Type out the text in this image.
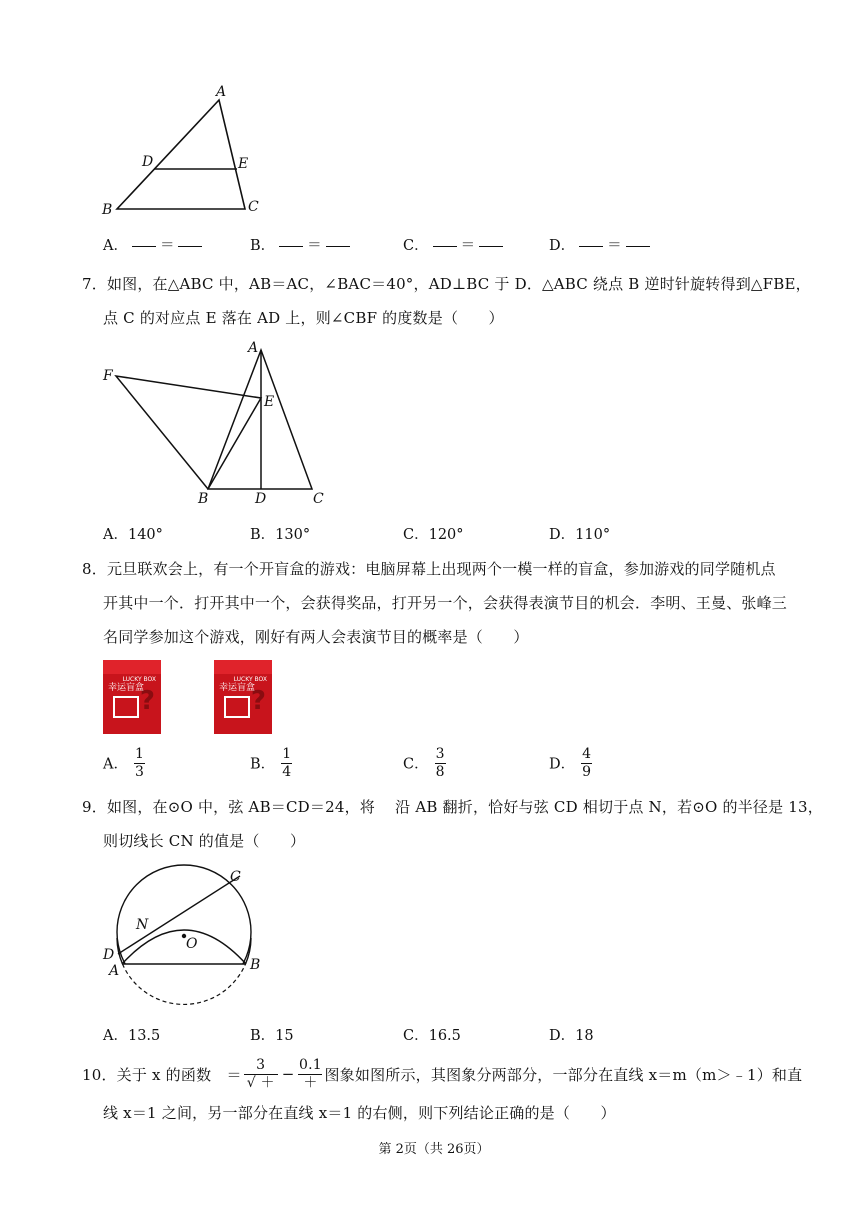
A
D	E
B	C
A． ＝	B． ＝	C． ＝	D． ＝
7．如图，在△ABC 中，AB＝AC，∠BAC＝40°，AD⊥BC 于 D．△ABC 绕点 B 逆时针旋转得到△FBE，
点 C 的对应点 E 落在 AD 上，则∠CBF 的度数是（　　）
A
F
E
B	D	C
A．140°	B．130°	C．120°	D．110°
8．元旦联欢会上，有一个开盲盒的游戏：电脑屏幕上出现两个一模一样的盲盒，参加游戏的同学随机点
开其中一个．打开其中一个，会获得奖品，打开另一个，会获得表演节目的机会．李明、王曼、张峰三
名同学参加这个游戏，刚好有两人会表演节目的概率是（　　）
幸运盲盒
LUCKY BOX
?	幸运盲盒
LUCKY BOX
?
A． $\frac{1}{3}$	B． $\frac{1}{4}$	C． $\frac{3}{8}$	D． $\frac{4}{9}$
9．如图，在⊙O 中，弦 AB＝CD＝24，将　 沿 AB 翻折，恰好与弦 CD 相切于点 N，若⊙O 的半径是 13，
则切线长 CN 的值是（　　）
C
N
O
D
A	B
A．13.5	B．15	C．16.5	D．18
10．关于 x 的函数　＝ $\frac{3}{√ +} - \frac{0.1}{+}$ 图象如图所示，其图象分两部分，一部分在直线 x＝m（m＞﹣1）和直
线 x＝1 之间，另一部分在直线 x＝1 的右侧，则下列结论正确的是（　　）
第 2页（共 26页）
